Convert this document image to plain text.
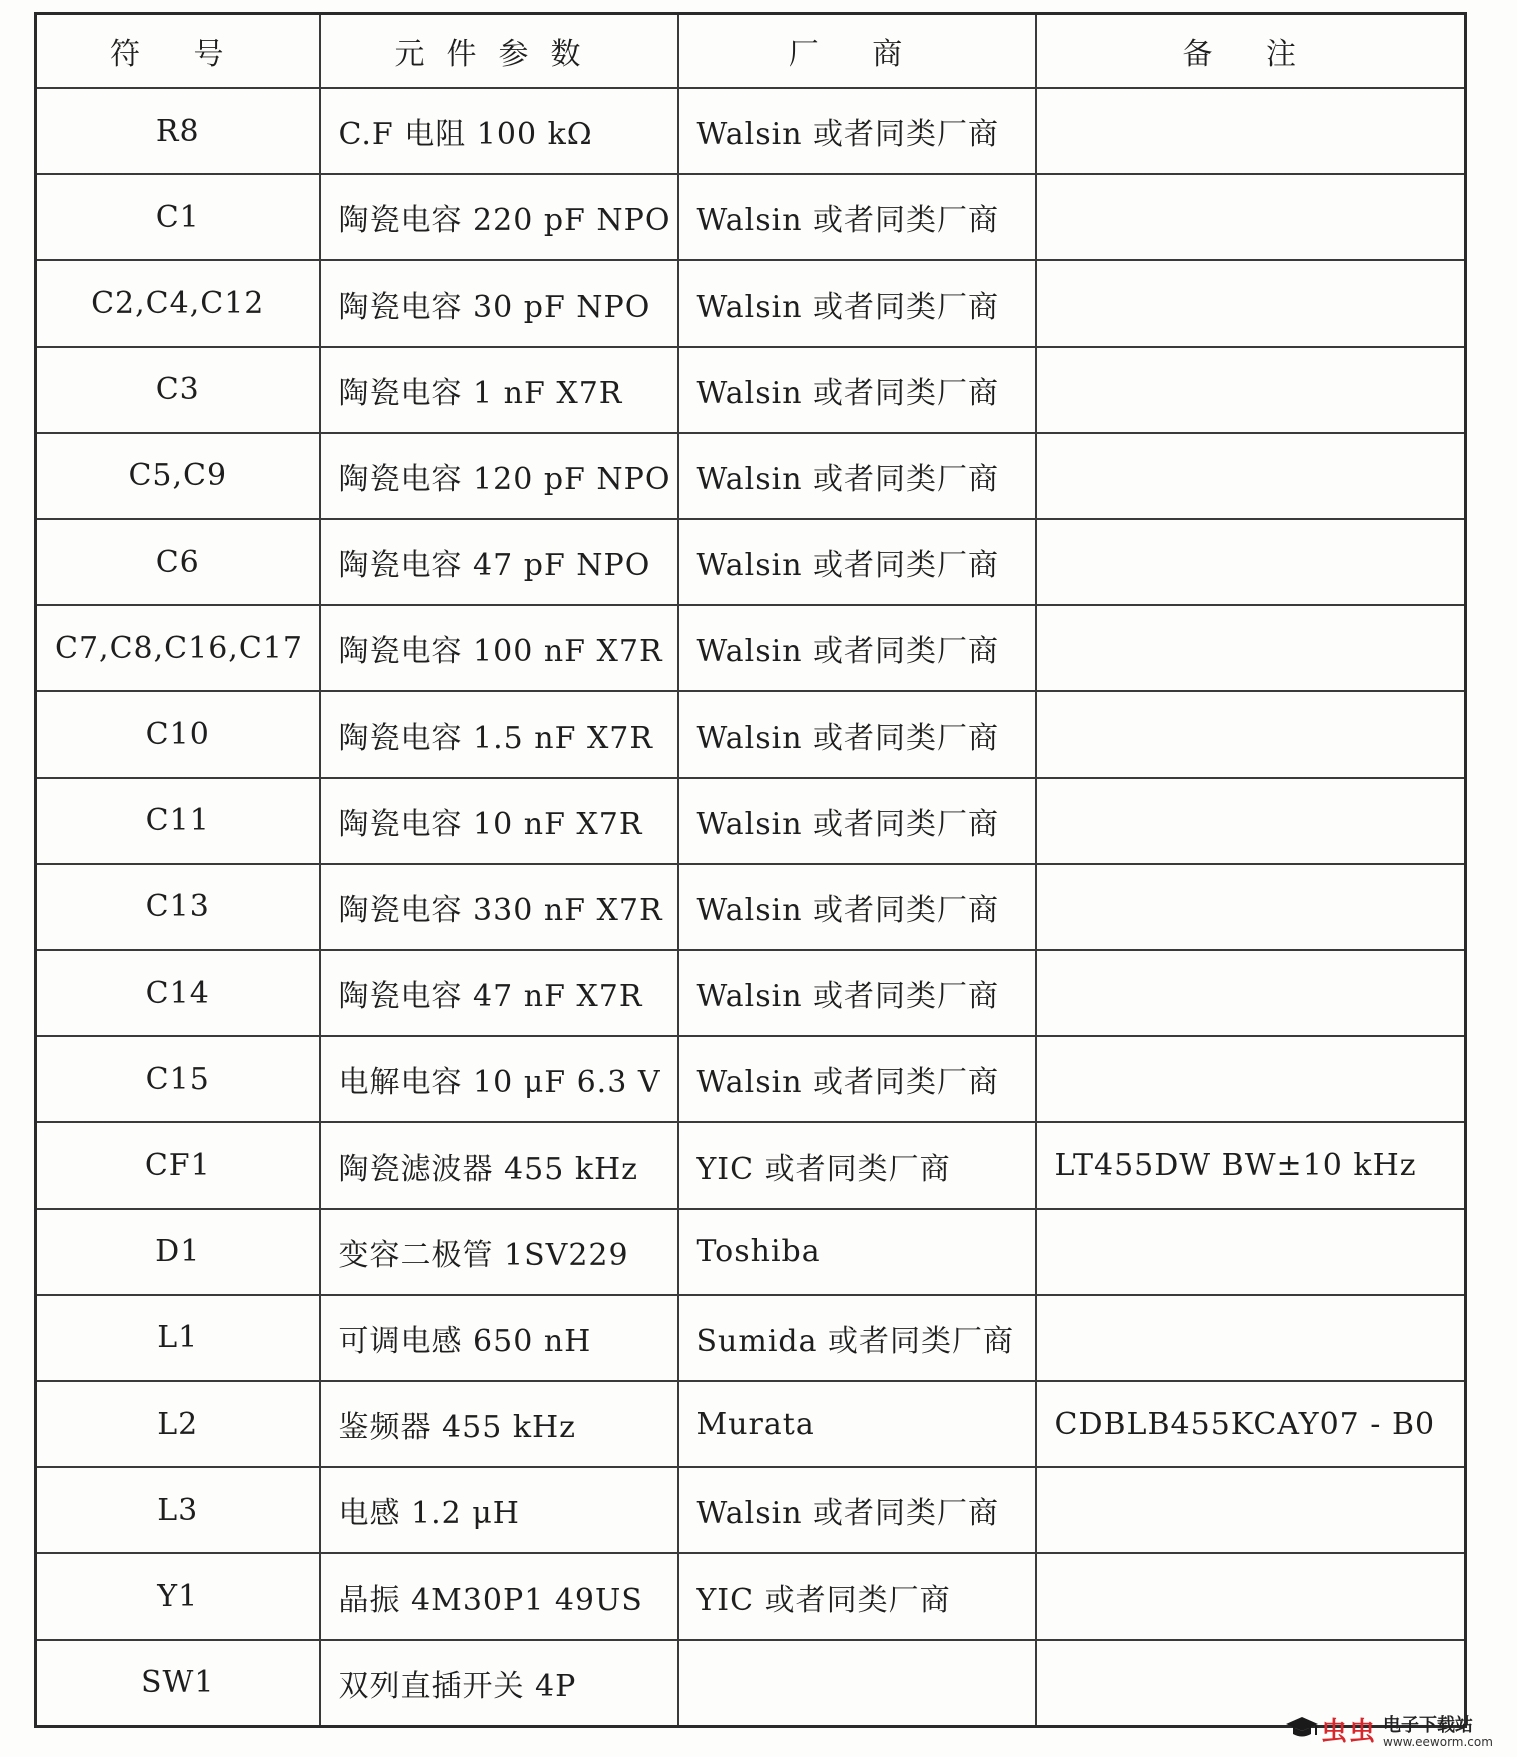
符 号	元件参数	厂 商	备 注
R8	C.F 电阻 100 kΩ	Walsin 或者同类厂商	
C1	陶瓷电容 220 pF NPO	Walsin 或者同类厂商	
C2,C4,C12	陶瓷电容 30 pF NPO	Walsin 或者同类厂商	
C3	陶瓷电容 1 nF X7R	Walsin 或者同类厂商	
C5,C9	陶瓷电容 120 pF NPO	Walsin 或者同类厂商	
C6	陶瓷电容 47 pF NPO	Walsin 或者同类厂商	
C7,C8,C16,C17	陶瓷电容 100 nF X7R	Walsin 或者同类厂商	
C10	陶瓷电容 1.5 nF X7R	Walsin 或者同类厂商	
C11	陶瓷电容 10 nF X7R	Walsin 或者同类厂商	
C13	陶瓷电容 330 nF X7R	Walsin 或者同类厂商	
C14	陶瓷电容 47 nF X7R	Walsin 或者同类厂商	
C15	电解电容 10 μF 6.3 V	Walsin 或者同类厂商	
CF1	陶瓷滤波器 455 kHz	YIC 或者同类厂商	LT455DW BW±10 kHz
D1	变容二极管 1SV229	Toshiba	
L1	可调电感 650 nH	Sumida 或者同类厂商	
L2	鉴频器 455 kHz	Murata	CDBLB455KCAY07 - B0
L3	电感 1.2 μH	Walsin 或者同类厂商	
Y1	晶振 4M30P1 49US	YIC 或者同类厂商	
SW1	双列直插开关 4P		
虫虫 电子下载站
www.eeworm.com
